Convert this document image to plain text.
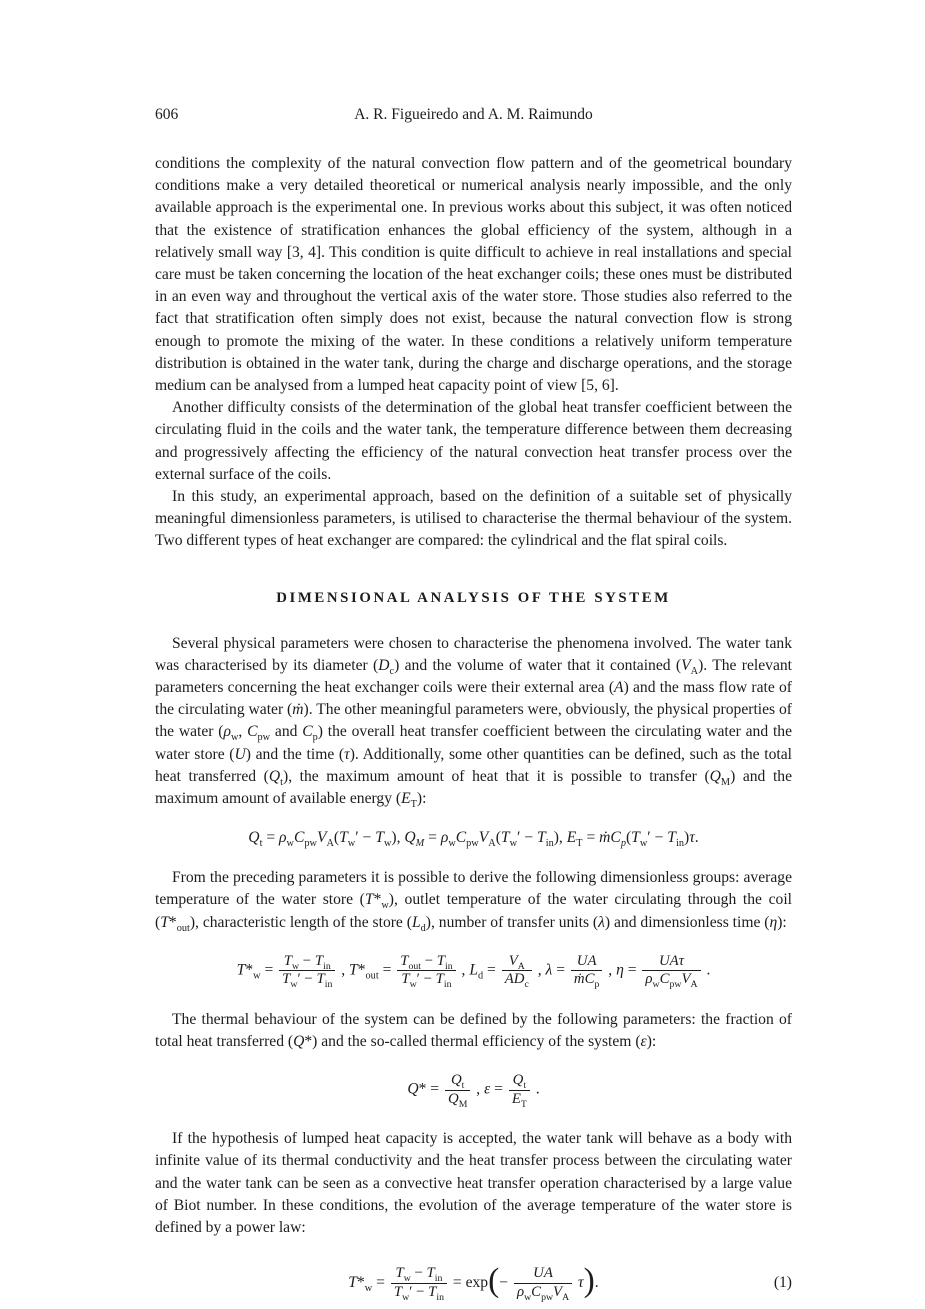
606	A. R. Figueiredo and A. M. Raimundo

conditions the complexity of the natural convection flow pattern and of the geometrical boundary conditions make a very detailed theoretical or numerical analysis nearly impossible, and the only available approach is the experimental one. In previous works about this subject, it was often noticed that the existence of stratification enhances the global efficiency of the system, although in a relatively small way [3, 4]. This condition is quite difficult to achieve in real installations and special care must be taken concerning the location of the heat exchanger coils; these ones must be distributed in an even way and throughout the vertical axis of the water store. Those studies also referred to the fact that stratification often simply does not exist, because the natural convection flow is strong enough to promote the mixing of the water. In these conditions a relatively uniform temperature distribution is obtained in the water tank, during the charge and discharge operations, and the storage medium can be analysed from a lumped heat capacity point of view [5, 6].

Another difficulty consists of the determination of the global heat transfer coefficient between the circulating fluid in the coils and the water tank, the temperature difference between them decreasing and progressively affecting the efficiency of the natural convection heat transfer process over the external surface of the coils.

In this study, an experimental approach, based on the definition of a suitable set of physically meaningful dimensionless parameters, is utilised to characterise the thermal behaviour of the system. Two different types of heat exchanger are compared: the cylindrical and the flat spiral coils.

DIMENSIONAL ANALYSIS OF THE SYSTEM

Several physical parameters were chosen to characterise the phenomena involved. The water tank was characterised by its diameter $(D_c)$ and the volume of water that it contained $(V_A)$. The relevant parameters concerning the heat exchanger coils were their external area (A) and the mass flow rate of the circulating water (ṁ). The other meaningful parameters were, obviously, the physical properties of the water ($\rho_w$, $C_{pw}$ and $C_p$) the overall heat transfer coefficient between the circulating water and the water store (U) and the time (τ). Additionally, some other quantities can be defined, such as the total heat transferred $(Q_t)$, the maximum amount of heat that it is possible to transfer $(Q_M)$ and the maximum amount of available energy $(E_T)$:

$Q_t = \rho_wC_{pw}V_A(T_w' - T_w)$, $Q_M = \rho_wC_{pw}V_A(T_w' - T_{in})$, $E_T$ = $ṁC_p(T_w' - T_{in})\tau$.

From the preceding parameters it is possible to derive the following dimensionless groups: average temperature of the water store $(T*_w)$, outlet temperature of the water circulating through the coil $(T*_{out})$, characteristic length of the store $(L_d)$, number of transfer units (λ) and dimensionless time (η):

$T*_w = \frac{T_w - T_{in}}{T_w' - T_{in}}$ , $T*_{out} = \frac{T_{out} - T_{in}}{T_w' - T_{in}}$ , $L_d = \frac{V_A}{AD_c}$ , $\lambda = \frac{UA}{ṁC_p}$ , $\eta = \frac{\text{UAτ}}{\rho_wC_{pw}V_A}$ .

The thermal behaviour of the system can be defined by the following parameters: the fraction of total heat transferred (Q*) and the so-called thermal efficiency of the system (ε):

$Q* = \frac{Q_t}{Q_M}$ , $\varepsilon = \frac{Q_t}{E_T}$ .

If the hypothesis of lumped heat capacity is accepted, the water tank will behave as a body with infinite value of its thermal conductivity and the heat transfer process between the circulating water and the water tank can be seen as a convective heat transfer operation characterised by a large value of Biot number. In these conditions, the evolution of the average temperature of the water store is defined by a power law:

$T*_w = \frac{T_w - T_{in}}{T_w' - T_{in}} = \exp(- \frac{UA}{\rho_wC_{pw}V_A} \tau)$.	(1)
